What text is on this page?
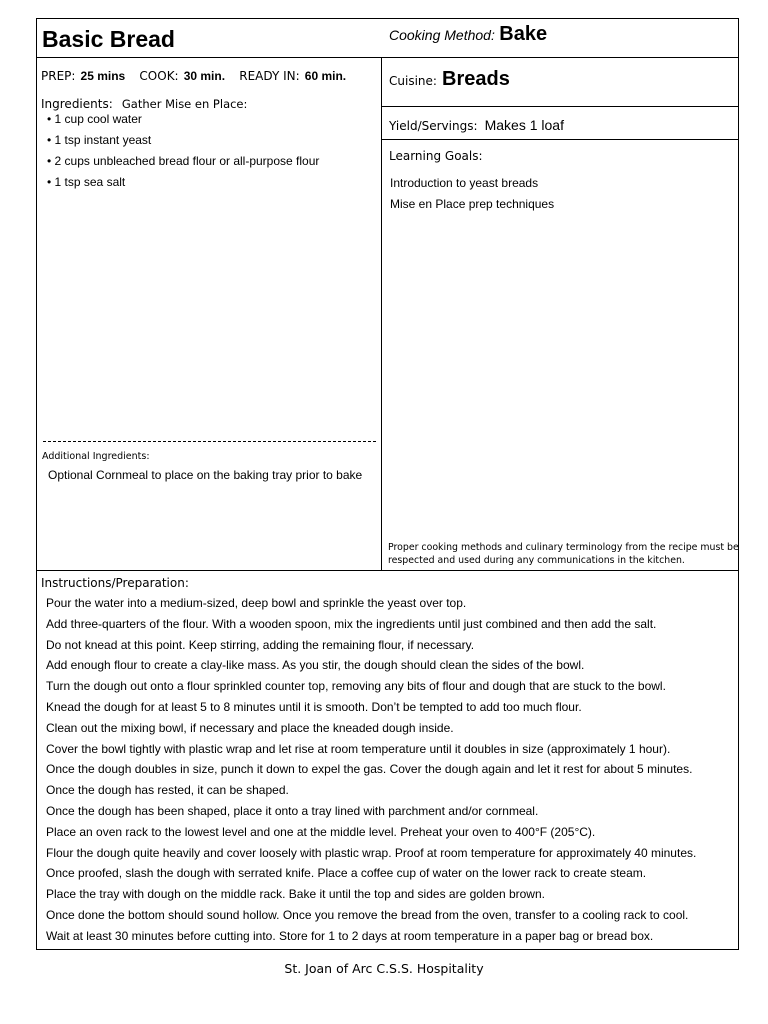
Basic Bread	Cooking Method: Bake
PREP: 25 mins COOK: 30 min. READY IN: 60 min.
Ingredients: Gather Mise en Place:
• 1 cup cool water
• 1 tsp instant yeast
• 2 cups unbleached bread flour or all-purpose flour
• 1 tsp sea salt
Additional Ingredients:
Optional Cornmeal to place on the baking tray prior to bake
Cuisine: Breads
Yield/Servings: Makes 1 loaf
Learning Goals:
Introduction to yeast breads
Mise en Place prep techniques
Proper cooking methods and culinary terminology from the recipe must be
respected and used during any communications in the kitchen.
Instructions/Preparation:
Pour the water into a medium-sized, deep bowl and sprinkle the yeast over top.
Add three-quarters of the flour. With a wooden spoon, mix the ingredients until just combined and then add the salt.
Do not knead at this point. Keep stirring, adding the remaining flour, if necessary.
Add enough flour to create a clay-like mass. As you stir, the dough should clean the sides of the bowl.
Turn the dough out onto a flour sprinkled counter top, removing any bits of flour and dough that are stuck to the bowl.
Knead the dough for at least 5 to 8 minutes until it is smooth. Don’t be tempted to add too much flour.
Clean out the mixing bowl, if necessary and place the kneaded dough inside.
Cover the bowl tightly with plastic wrap and let rise at room temperature until it doubles in size (approximately 1 hour).
Once the dough doubles in size, punch it down to expel the gas. Cover the dough again and let it rest for about 5 minutes.
Once the dough has rested, it can be shaped.
Once the dough has been shaped, place it onto a tray lined with parchment and/or cornmeal.
Place an oven rack to the lowest level and one at the middle level. Preheat your oven to 400°F (205°C).
Flour the dough quite heavily and cover loosely with plastic wrap. Proof at room temperature for approximately 40 minutes.
Once proofed, slash the dough with serrated knife. Place a coffee cup of water on the lower rack to create steam.
Place the tray with dough on the middle rack. Bake it until the top and sides are golden brown.
Once done the bottom should sound hollow. Once you remove the bread from the oven, transfer to a cooling rack to cool.
Wait at least 30 minutes before cutting into. Store for 1 to 2 days at room temperature in a paper bag or bread box.
St. Joan of Arc C.S.S. Hospitality
